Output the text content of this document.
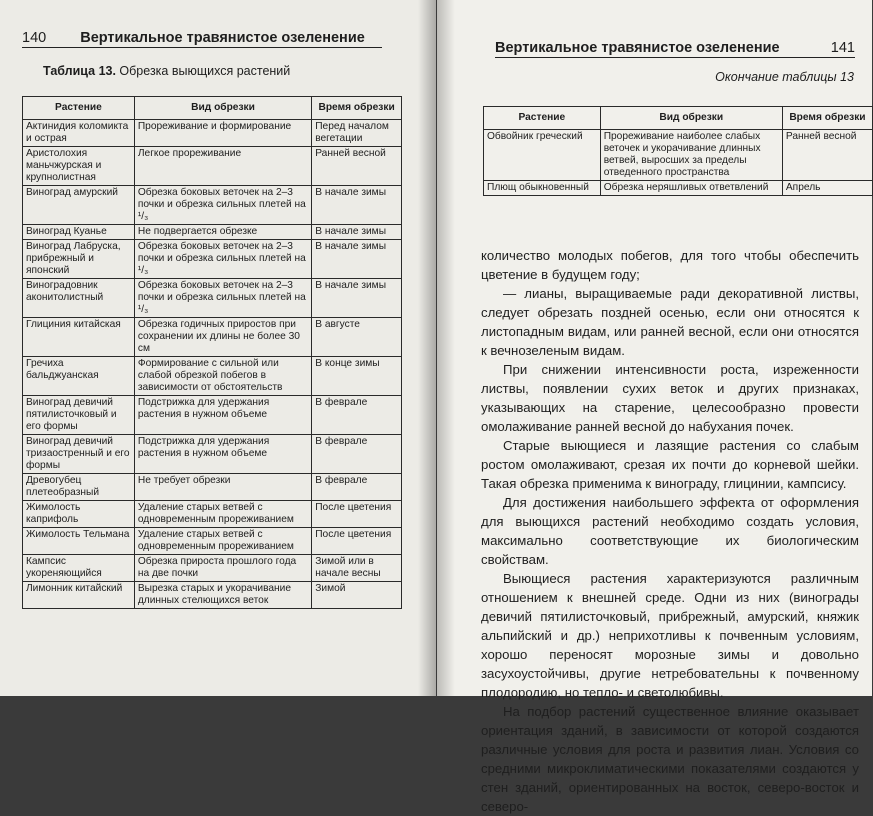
140 Вертикальное травянистое озеленение
Таблица 13. Обрезка выющихся растений
Растение	Вид обрезки	Время обрезки
Актинидия коломикта и острая	Прореживание и формирование	Перед началом вегетации
Аристолохия маньчжурская и крупнолистная	Легкое прореживание	Ранней весной
Виноград амурский	Обрезка боковых веточек на 2–3 почки и обрезка сильных плетей на ¹/₃	В начале зимы
Виноград Куанье	Не подвергается обрезке	В начале зимы
Виноград Лабруска, прибрежный и японский	Обрезка боковых веточек на 2–3 почки и обрезка сильных плетей на ¹/₃	В начале зимы
Виноградовник аконитолистный	Обрезка боковых веточек на 2–3 почки и обрезка сильных плетей на ¹/₃	В начале зимы
Глициния китайская	Обрезка годичных приростов при сохранении их длины не более 30 см	В августе
Гречиха бальджуанская	Формирование с сильной или слабой обрезкой побегов в зависимости от обстоятельств	В конце зимы
Виноград девичий пятилисточковый и его формы	Подстрижка для удержания растения в нужном объеме	В феврале
Виноград девичий тризаостренный и его формы	Подстрижка для удержания растения в нужном объеме	В феврале
Древогубец плетеобразный	Не требует обрезки	В феврале
Жимолость каприфоль	Удаление старых ветвей с одновременным прореживанием	После цветения
Жимолость Тельмана	Удаление старых ветвей с одновременным прореживанием	После цветения
Кампсис укореняющийся	Обрезка прироста прошлого года на две почки	Зимой или в начале весны
Лимонник китайский	Вырезка старых и укорачивание длинных стелющихся веток	Зимой
141
Вертикальное травянистое озеленение
Окончание таблицы 13
Растение	Вид обрезки	Время обрезки
Обвойник греческий	Прореживание наиболее слабых веточек и укорачивание длинных ветвей, выросших за пределы отведенного пространства	Ранней весной
Плющ обыкновенный	Обрезка неряшливых ответвлений	Апрель

количество молодых побегов, для того чтобы обеспечить цветение в будущем году;

— лианы, выращиваемые ради декоративной листвы, следует обрезать поздней осенью, если они относятся к листопадным видам, или ранней весной, если они относятся к вечнозеленым видам.

При снижении интенсивности роста, изреженности листвы, появлении сухих веток и других признаках, указывающих на старение, целесообразно провести омолаживание ранней весной до набухания почек.

Старые выющиеся и лазящие растения со слабым ростом омолаживают, срезая их почти до корневой шейки. Такая обрезка применима к винограду, глицинии, кампсису.

Для достижения наибольшего эффекта от оформления для выющихся растений необходимо создать условия, максимально соответствующие их биологическим свойствам.

Выющиеся растения характеризуются различным отношением к внешней среде. Одни из них (винограды девичий пятилисточковый, прибрежный, амурский, княжик альпийский и др.) неприхотливы к почвенным условиям, хорошо переносят морозные зимы и довольно засухоустойчивы, другие нетребовательны к почвенному плодородию, но тепло- и светолюбивы.

На подбор растений существенное влияние оказывает ориентация зданий, в зависимости от которой создаются различные условия для роста и развития лиан. Условия со средними микроклиматическими показателями создаются у стен зданий, ориентированных на восток, северо-восток и северо-
